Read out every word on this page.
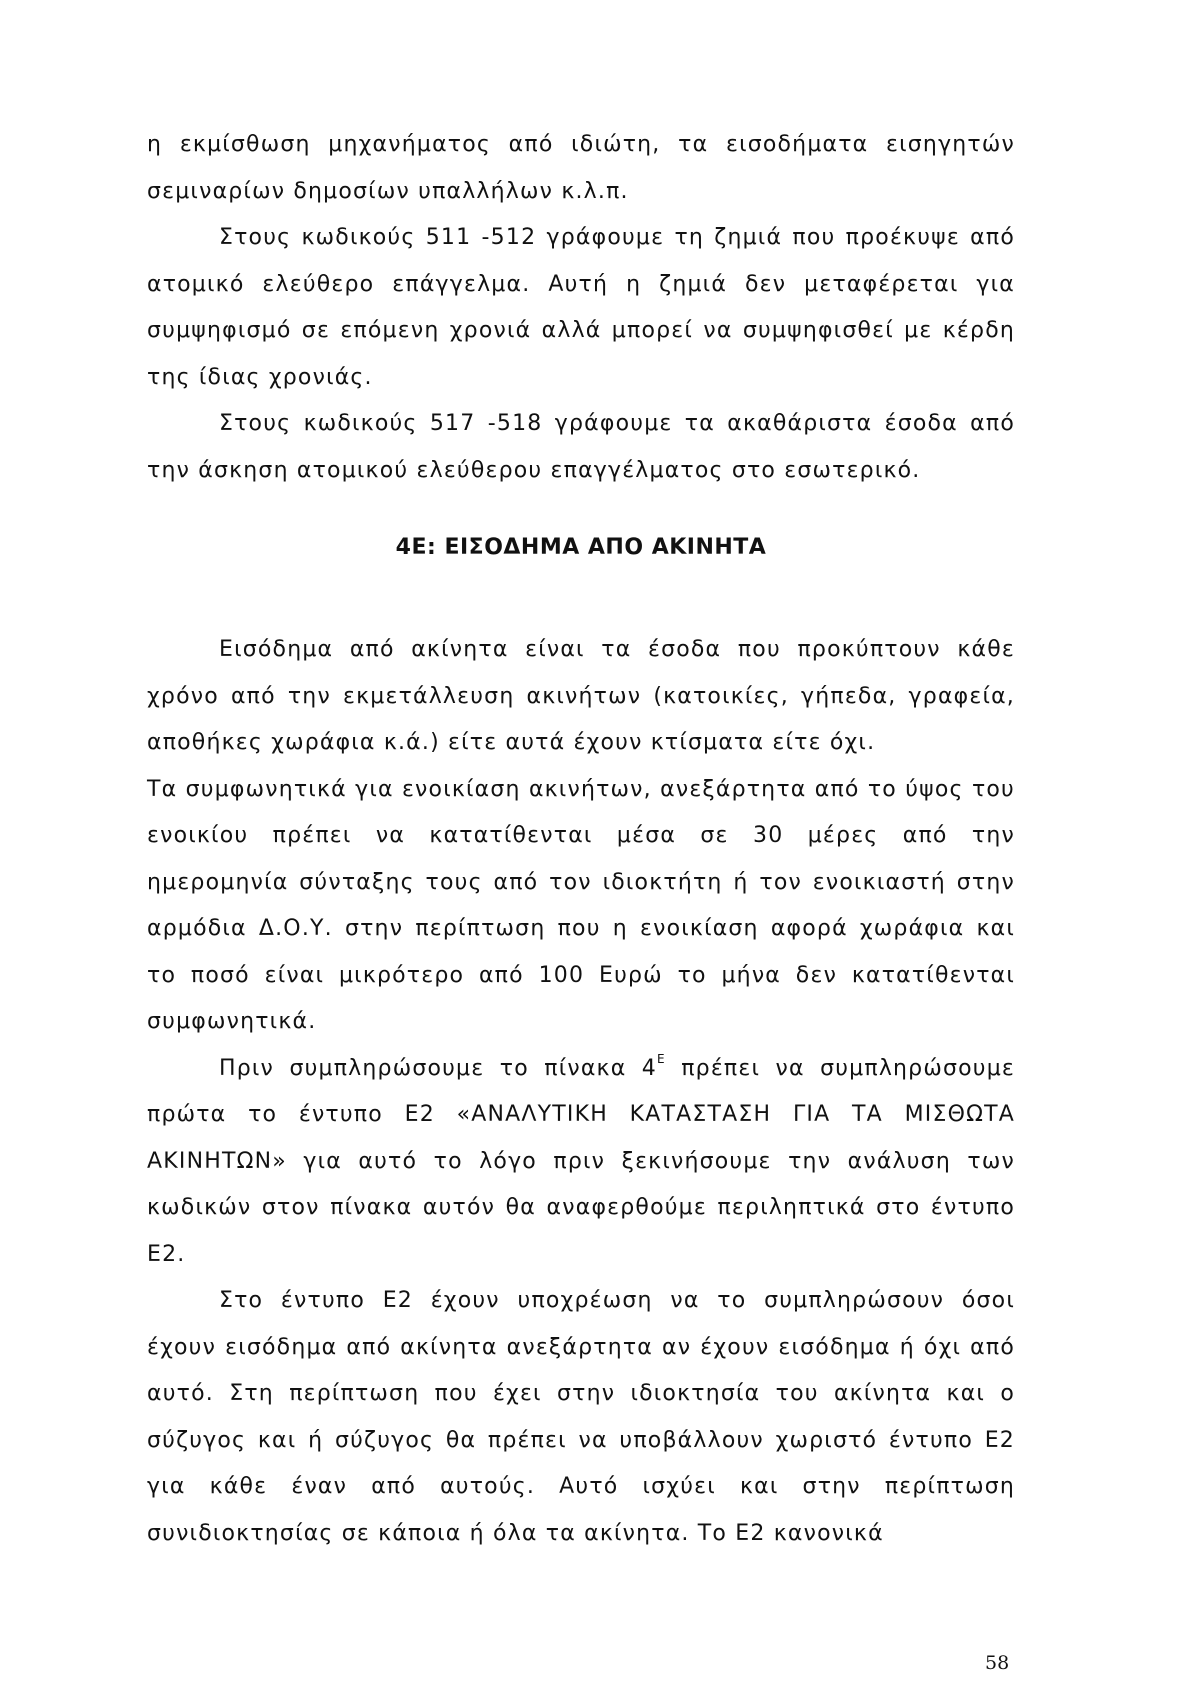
η εκμίσθωση μηχανήματος από ιδιώτη, τα εισοδήματα εισηγητών σεμιναρίων δημοσίων υπαλλήλων κ.λ.π.

Στους κωδικούς 511 -512 γράφουμε τη ζημιά που προέκυψε από ατομικό ελεύθερο επάγγελμα. Αυτή η ζημιά δεν μεταφέρεται για συμψηφισμό σε επόμενη χρονιά αλλά μπορεί να συμψηφισθεί με κέρδη της ίδιας χρονιάς.

Στους κωδικούς 517 -518 γράφουμε τα ακαθάριστα έσοδα από την άσκηση ατομικού ελεύθερου επαγγέλματος στο εσωτερικό.

4Ε: ΕΙΣΟΔΗΜΑ ΑΠΟ ΑΚΙΝΗΤΑ

Εισόδημα από ακίνητα είναι τα έσοδα που προκύπτουν κάθε χρόνο από την εκμετάλλευση ακινήτων (κατοικίες, γήπεδα, γραφεία, αποθήκες χωράφια κ.ά.) είτε αυτά έχουν κτίσματα είτε όχι.

Τα συμφωνητικά για ενοικίαση ακινήτων, ανεξάρτητα από το ύψος του ενοικίου πρέπει να κατατίθενται μέσα σε 30 μέρες από την ημερομηνία σύνταξης τους από τον ιδιοκτήτη ή τον ενοικιαστή στην αρμόδια Δ.Ο.Υ. στην περίπτωση που η ενοικίαση αφορά χωράφια και το ποσό είναι μικρότερο από 100 Ευρώ το μήνα δεν κατατίθενται συμφωνητικά.

Πριν συμπληρώσουμε το πίνακα $4^E$ πρέπει να συμπληρώσουμε πρώτα το έντυπο Ε2 «ΑΝΑΛΥΤΙΚΗ ΚΑΤΑΣΤΑΣΗ ΓΙΑ ΤΑ ΜΙΣΘΩΤΑ ΑΚΙΝΗΤΩΝ» για αυτό το λόγο πριν ξεκινήσουμε την ανάλυση των κωδικών στον πίνακα αυτόν θα αναφερθούμε περιληπτικά στο έντυπο Ε2.

Στο έντυπο Ε2 έχουν υποχρέωση να το συμπληρώσουν όσοι έχουν εισόδημα από ακίνητα ανεξάρτητα αν έχουν εισόδημα ή όχι από αυτό. Στη περίπτωση που έχει στην ιδιοκτησία του ακίνητα και ο σύζυγος και ή σύζυγος θα πρέπει να υποβάλλουν χωριστό έντυπο Ε2 για κάθε έναν από αυτούς. Αυτό ισχύει και στην περίπτωση συνιδιοκτησίας σε κάποια ή όλα τα ακίνητα. Το Ε2 κανονικά

58
